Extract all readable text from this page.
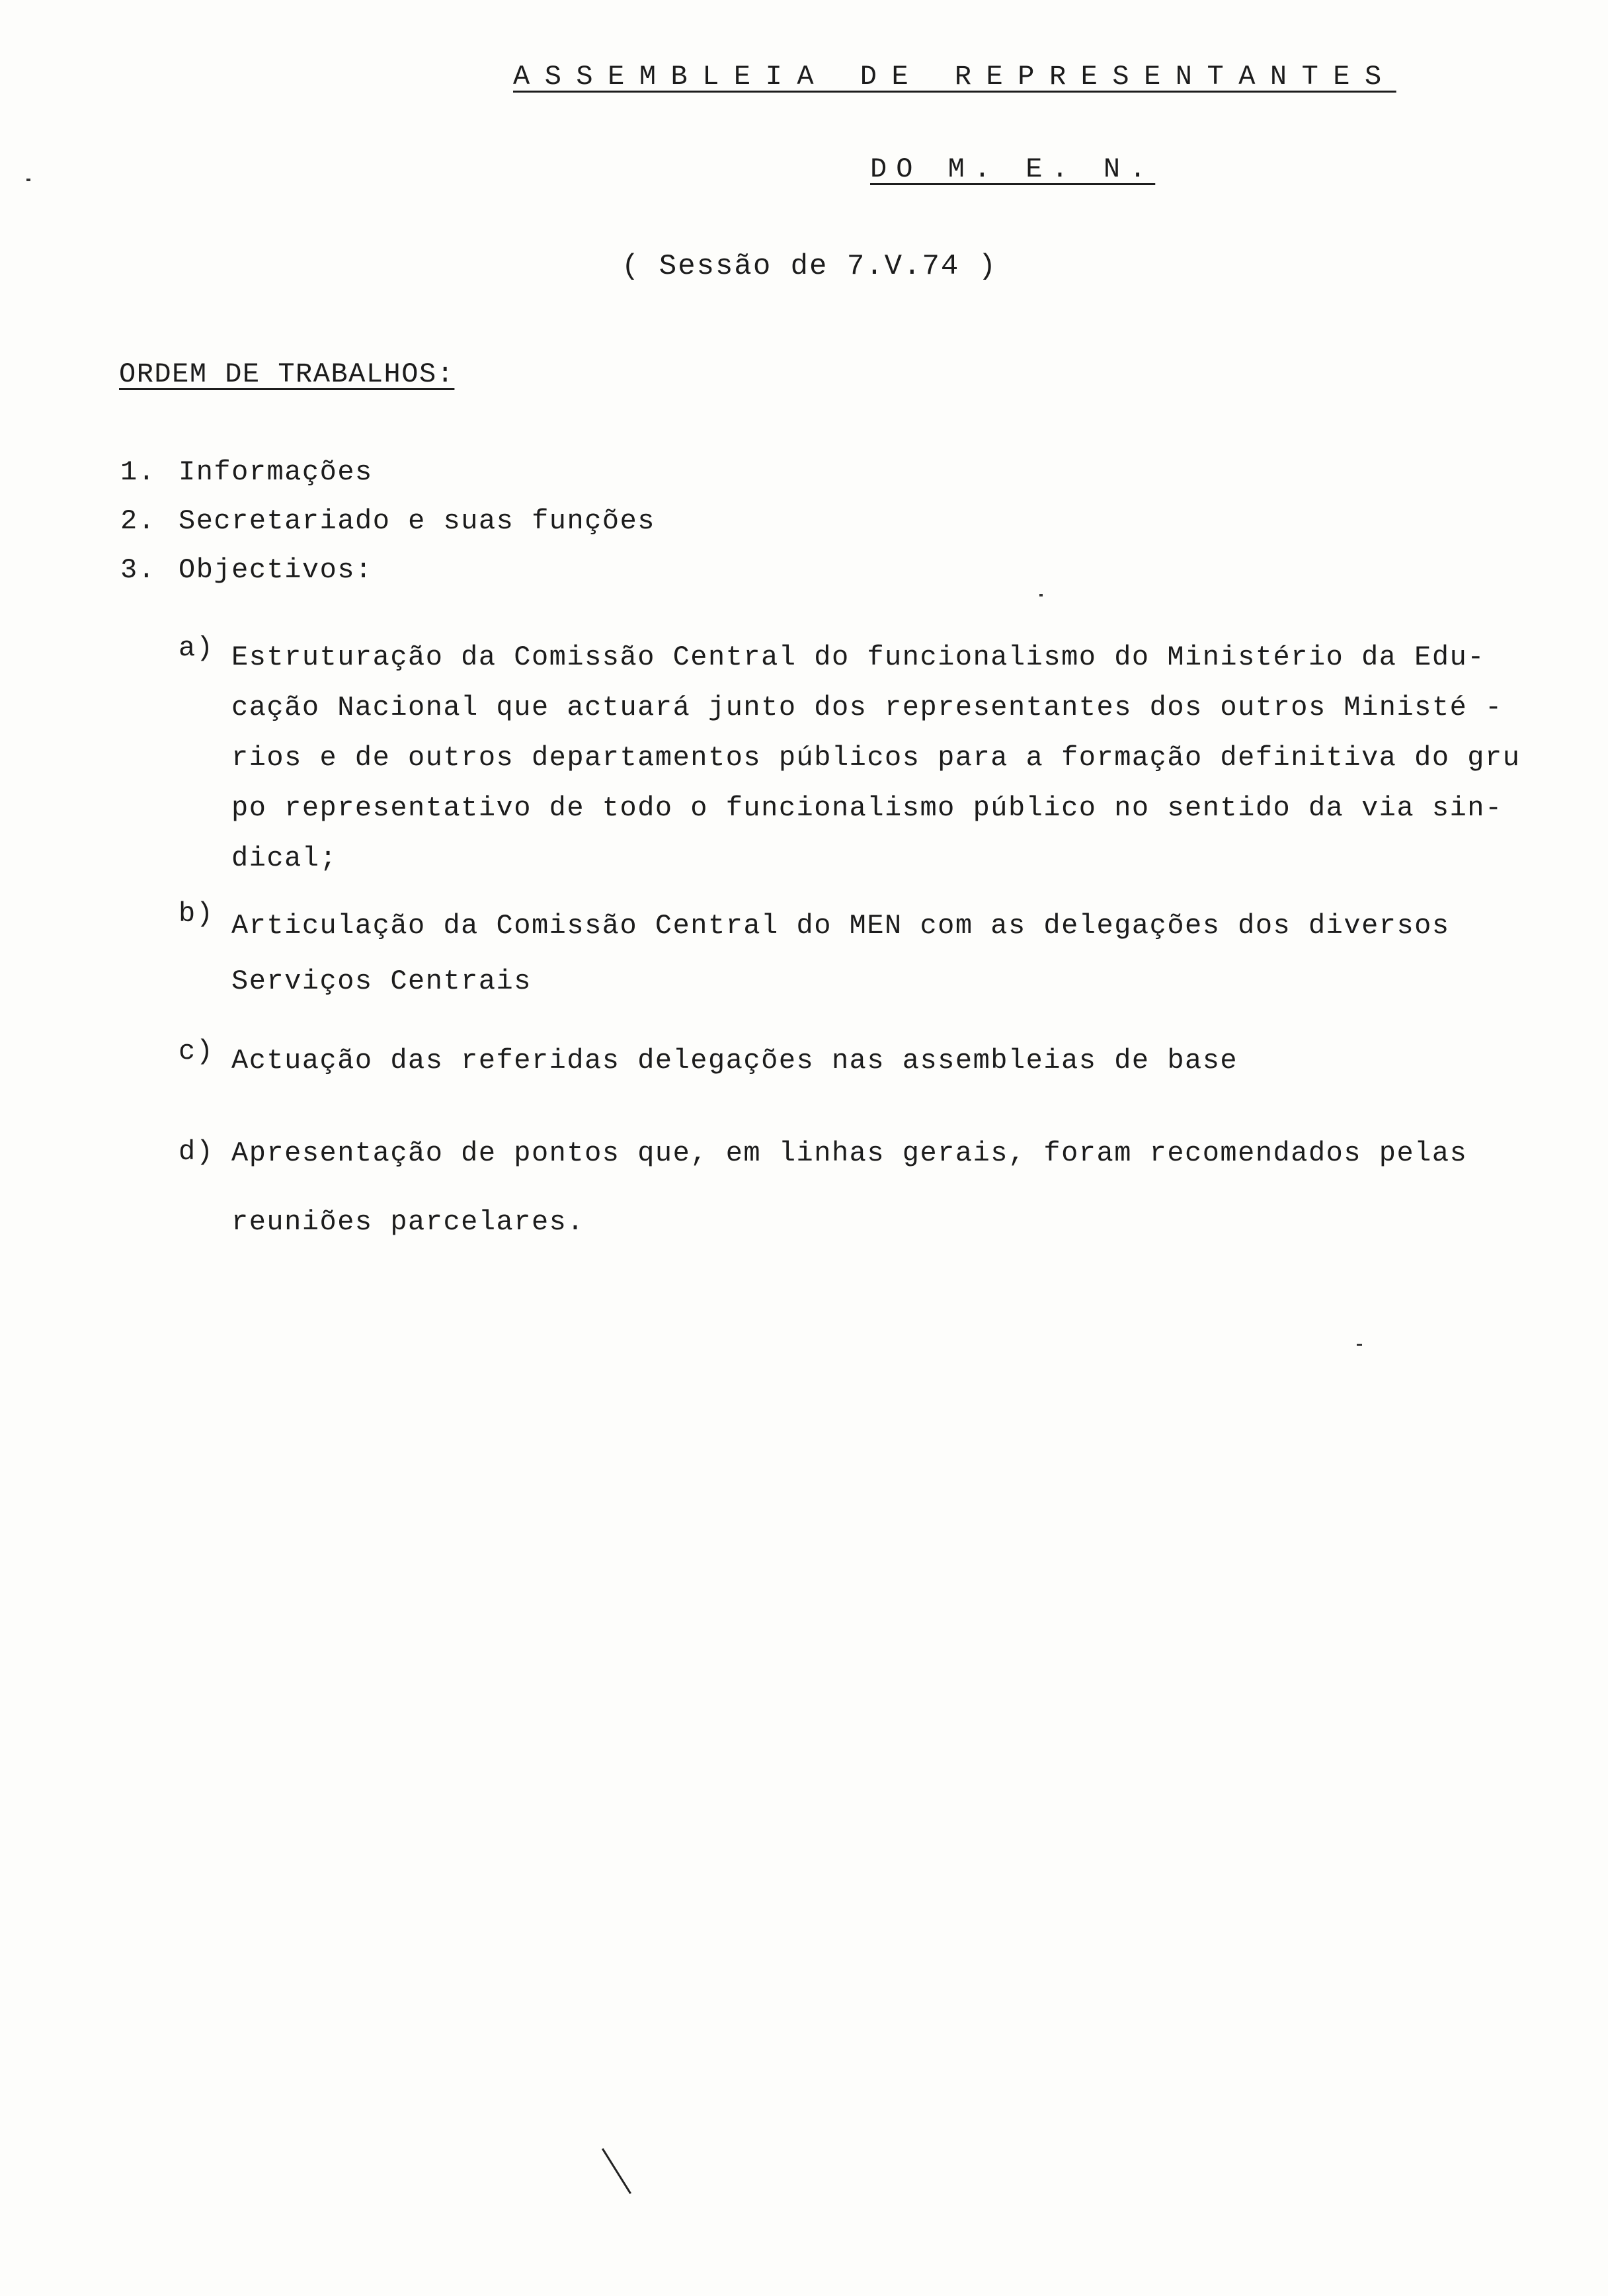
ASSEMBLEIA DE REPRESENTANTES
DO M. E. N.
( Sessão de 7.V.74 )
ORDEM DE TRABALHOS:
1. Informações
2. Secretariado e suas funções
3. Objectivos:
a) Estruturação da Comissão Central do funcionalismo do Ministério da Edu-
cação Nacional que actuará junto dos representantes dos outros Ministé -
rios e de outros departamentos públicos para a formação definitiva do gru
po representativo de todo o funcionalismo público no sentido da via sin-
dical;
b) Articulação da Comissão Central do MEN com as delegações dos diversos
Serviços Centrais
c) Actuação das referidas delegações nas assembleias de base
d) Apresentação de pontos que, em linhas gerais, foram recomendados pelas

reuniões parcelares.
